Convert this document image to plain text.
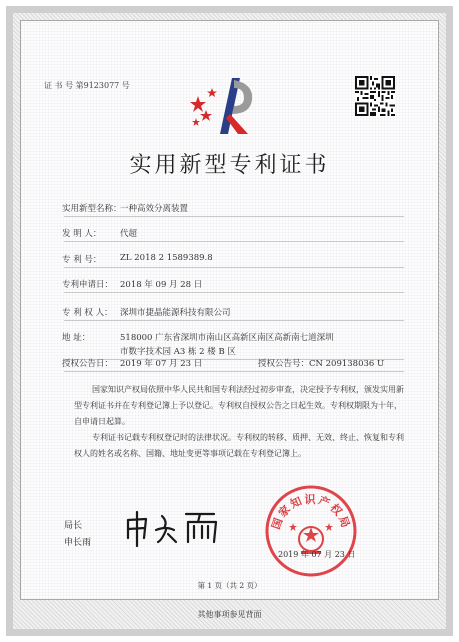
证 书 号 第9123077 号
实用新型专利证书
实用新型名称：
一种高效分离装置
发 明 人： 代超
专 利 号： ZL 2018 2 1589389.8
专利申请日： 2018 年 09 月 28 日
专 利 权 人： 深圳市捷晶能源科技有限公司
地 址：	518000 广东省深圳市南山区高新区南区高新南七道深圳
市数字技术园 A3 栋 2 楼 B 区
授权公告日： 2019 年 07 月 23 日	授权公告号：CN 209138036 U
国家知识产权局依照中华人民共和国专利法经过初步审查，决定授予专利权，颁发实用新型专利证书并在专利登记簿上予以登记。专利权自授权公告之日起生效。专利权期限为十年，自申请日起算。
专利证书记载专利权登记时的法律状况。专利权的转移、质押、无效、终止、恢复和专利权人的姓名或名称、国籍、地址变更等事项记载在专利登记簿上。
局长
申长雨
国家知识产权局
2019 年 07 月 23 日
第 1 页（共 2 页）
其他事项参见背面
